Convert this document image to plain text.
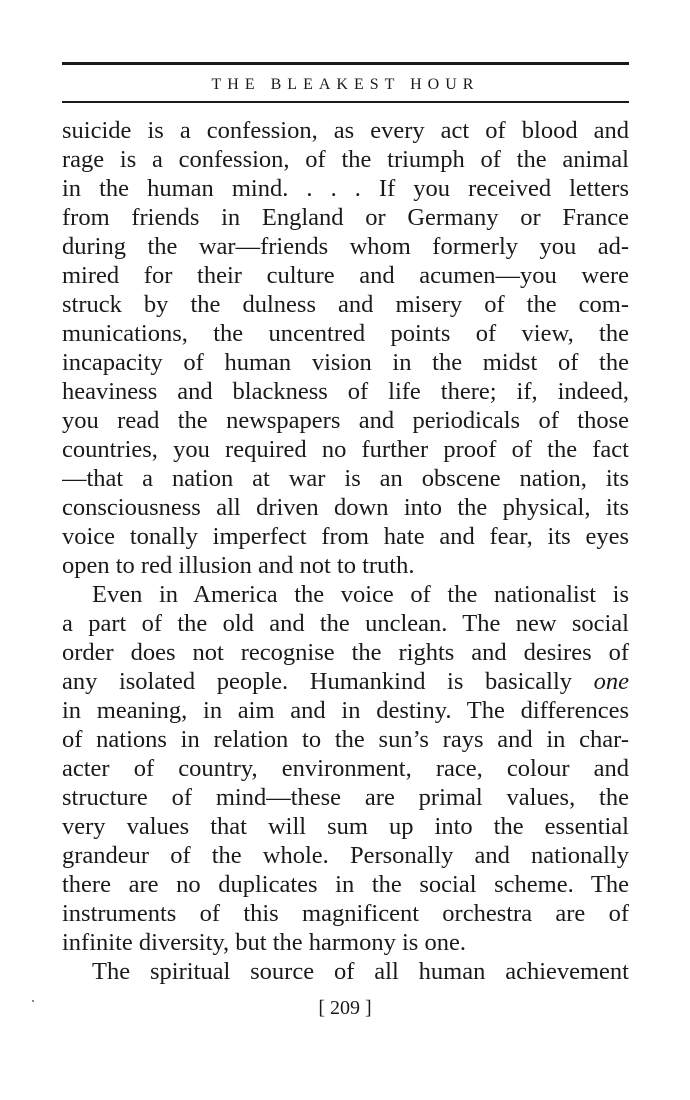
THE BLEAKEST HOUR
suicide is a confession, as every act of blood and
rage is a confession, of the triumph of the animal
in the human mind. . . . If you received letters
from friends in England or Germany or France
during the war—friends whom formerly you ad-
mired for their culture and acumen—you were
struck by the dulness and misery of the com-
munications, the uncentred points of view, the
incapacity of human vision in the midst of the
heaviness and blackness of life there; if, indeed,
you read the newspapers and periodicals of those
countries, you required no further proof of the fact
—that a nation at war is an obscene nation, its
consciousness all driven down into the physical, its
voice tonally imperfect from hate and fear, its eyes
open to red illusion and not to truth.
Even in America the voice of the nationalist is
a part of the old and the unclean. The new social
order does not recognise the rights and desires of
any isolated people. Humankind is basically one
in meaning, in aim and in destiny. The differences
of nations in relation to the sun’s rays and in char-
acter of country, environment, race, colour and
structure of mind—these are primal values, the
very values that will sum up into the essential
grandeur of the whole. Personally and nationally
there are no duplicates in the social scheme. The
instruments of this magnificent orchestra are of
infinite diversity, but the harmony is one.
The spiritual source of all human achievement
[ 209 ]
